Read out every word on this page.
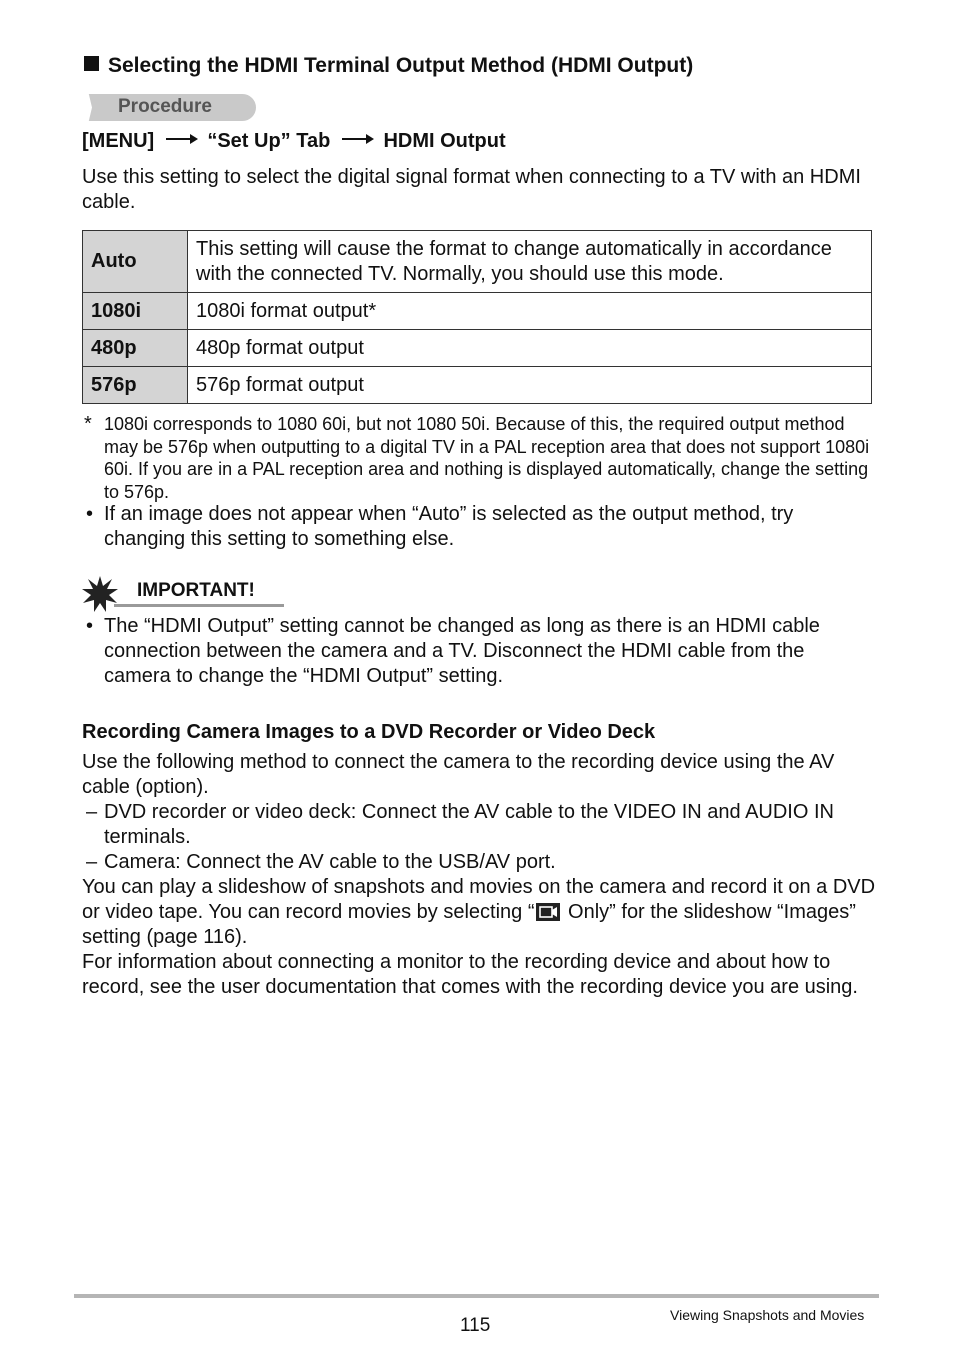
Selecting the HDMI Terminal Output Method (HDMI Output)
Procedure
[MENU]	“Set Up” Tab	HDMI Output
Use this setting to select the digital signal format when connecting to a TV with an HDMI cable.
Auto	This setting will cause the format to change automatically in accordance with the connected TV. Normally, you should use this mode.
1080i	1080i format output*
480p	480p format output
576p	576p format output
* 1080i corresponds to 1080 60i, but not 1080 50i. Because of this, the required output method may be 576p when outputting to a digital TV in a PAL reception area that does not support 1080i 60i. If you are in a PAL reception area and nothing is displayed automatically, change the setting to 576p.
• If an image does not appear when “Auto” is selected as the output method, try changing this setting to something else.
IMPORTANT!
• The “HDMI Output” setting cannot be changed as long as there is an HDMI cable connection between the camera and a TV. Disconnect the HDMI cable from the camera to change the “HDMI Output” setting.
Recording Camera Images to a DVD Recorder or Video Deck
Use the following method to connect the camera to the recording device using the AV cable (option).
– DVD recorder or video deck: Connect the AV cable to the VIDEO IN and AUDIO IN terminals.
– Camera: Connect the AV cable to the USB/AV port.
You can play a slideshow of snapshots and movies on the camera and record it on a DVD or video tape. You can record movies by selecting “ Only” for the slideshow “Images” setting (page 116).
For information about connecting a monitor to the recording device and about how to record, see the user documentation that comes with the recording device you are using.
115	Viewing Snapshots and Movies
